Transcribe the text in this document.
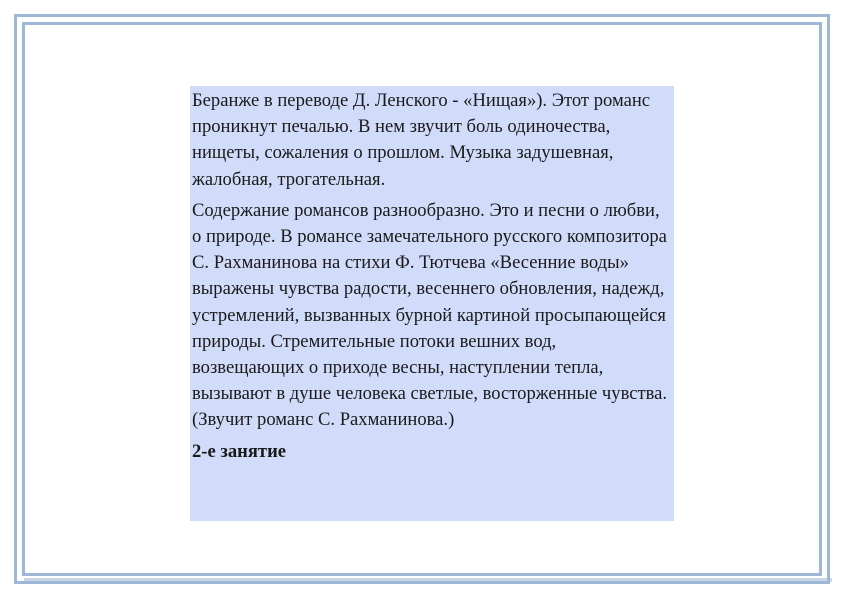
Беранже в переводе Д. Ленского - «Нищая»). Этот романс проникнут печалью. В нем звучит боль одиночества, нищеты, сожаления о прошлом. Музыка задушевная, жалобная, трогательная.

Содержание романсов разнообразно. Это и песни о любви, о природе. В романсе замечательного русского композитора С. Рахманинова на стихи Ф. Тютчева «Весенние воды» выражены чувства радости, весеннего обновления, надежд, устремлений, вызванных бурной картиной просыпающейся природы. Стремительные потоки вешних вод, возвещающих о приходе весны, наступлении тепла, вызывают в душе человека светлые, восторженные чувства. (Звучит романс С. Рахманинова.)

2-е занятие
